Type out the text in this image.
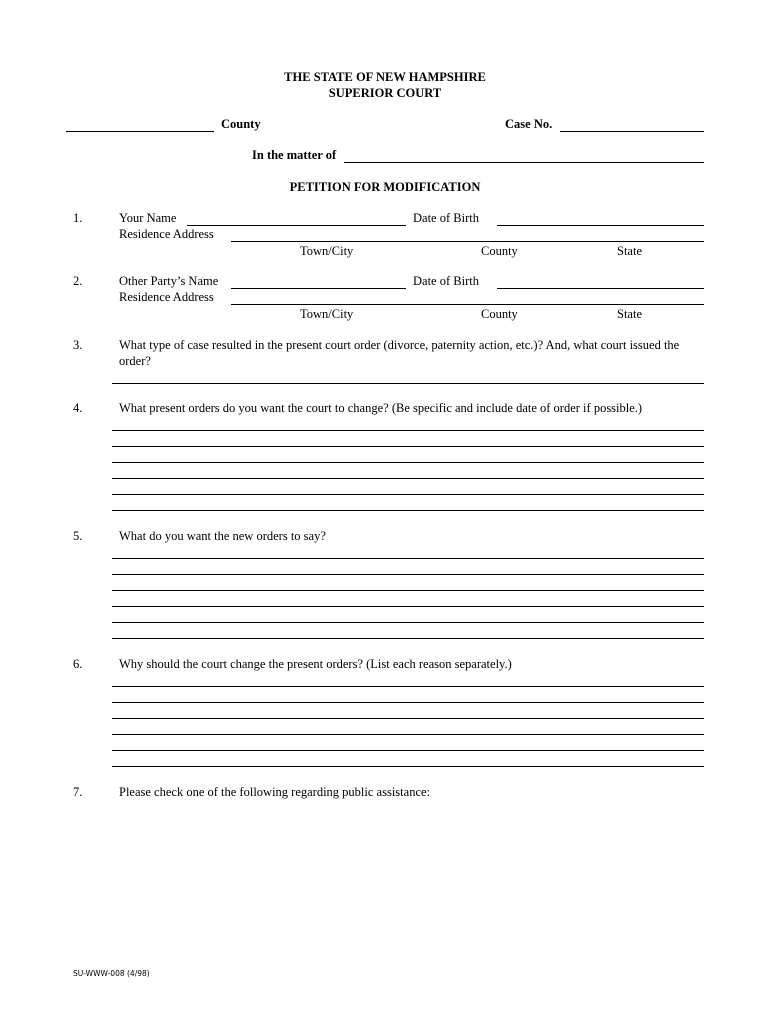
THE STATE OF NEW HAMPSHIRE
SUPERIOR COURT
County	Case No.
In the matter of
PETITION FOR MODIFICATION
1.	Your Name	Date of Birth
Residence Address
Town/City	County	State
2.	Other Party’s Name	Date of Birth
Residence Address
Town/City	County	State
3.	What type of case resulted in the present court order (divorce, paternity action, etc.)? And, what court issued the
order?
4.	What present orders do you want the court to change? (Be specific and include date of order if possible.)
5.	What do you want the new orders to say?
6.	Why should the court change the present orders? (List each reason separately.)
7.	Please check one of the following regarding public assistance:
SU-WWW-008 (4/98)
